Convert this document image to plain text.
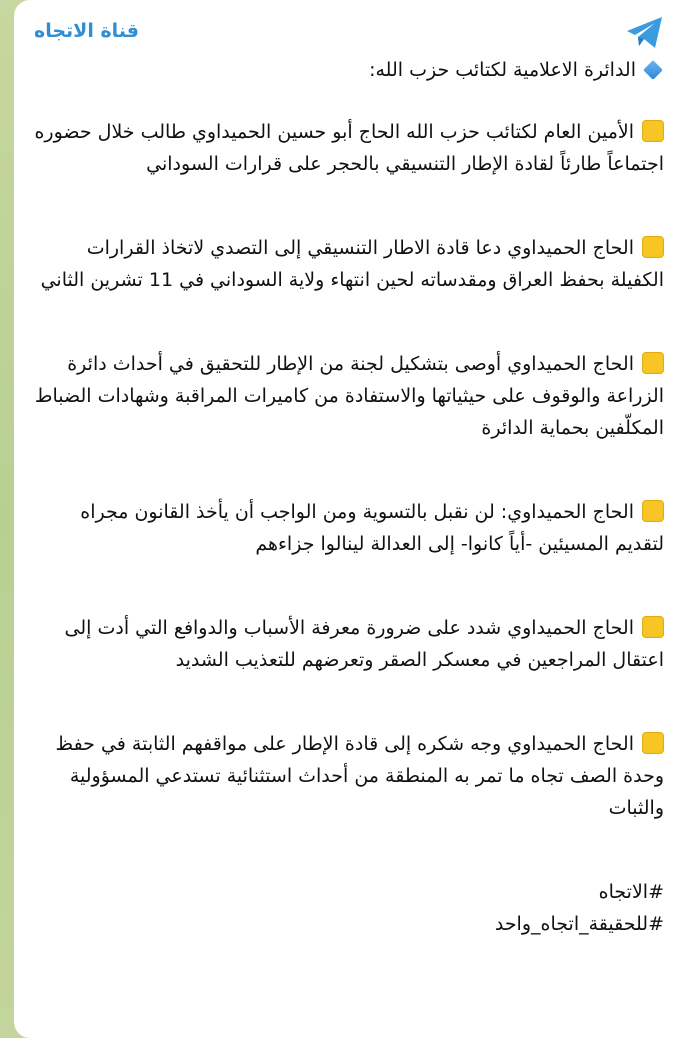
قناة الاتجاه

الدائرة الاعلامية لكتائب حزب الله:

الأمين العام لكتائب حزب الله الحاج أبو حسين الحميداوي طالب خلال حضوره اجتماعاً طارئاً لقادة الإطار التنسيقي بالحجر على قرارات السوداني

الحاج الحميداوي دعا قادة الاطار التنسيقي إلى التصدي لاتخاذ القرارات الكفيلة بحفظ العراق ومقدساته لحين انتهاء ولاية السوداني في 11 تشرين الثاني

الحاج الحميداوي أوصى بتشكيل لجنة من الإطار للتحقيق في أحداث دائرة الزراعة والوقوف على حيثياتها والاستفادة من كاميرات المراقبة وشهادات الضباط المكلّفين بحماية الدائرة

الحاج الحميداوي: لن نقبل بالتسوية ومن الواجب أن يأخذ القانون مجراه لتقديم المسيئين -أياً كانوا- إلى العدالة لينالوا جزاءهم

الحاج الحميداوي شدد على ضرورة معرفة الأسباب والدوافع التي أدت إلى اعتقال المراجعين في معسكر الصقر وتعرضهم للتعذيب الشديد

الحاج الحميداوي وجه شكره إلى قادة الإطار على مواقفهم الثابتة في حفظ وحدة الصف تجاه ما تمر به المنطقة من أحداث استثنائية تستدعي المسؤولية والثبات

#الاتجاه
#للحقيقة_اتجاه_واحد
